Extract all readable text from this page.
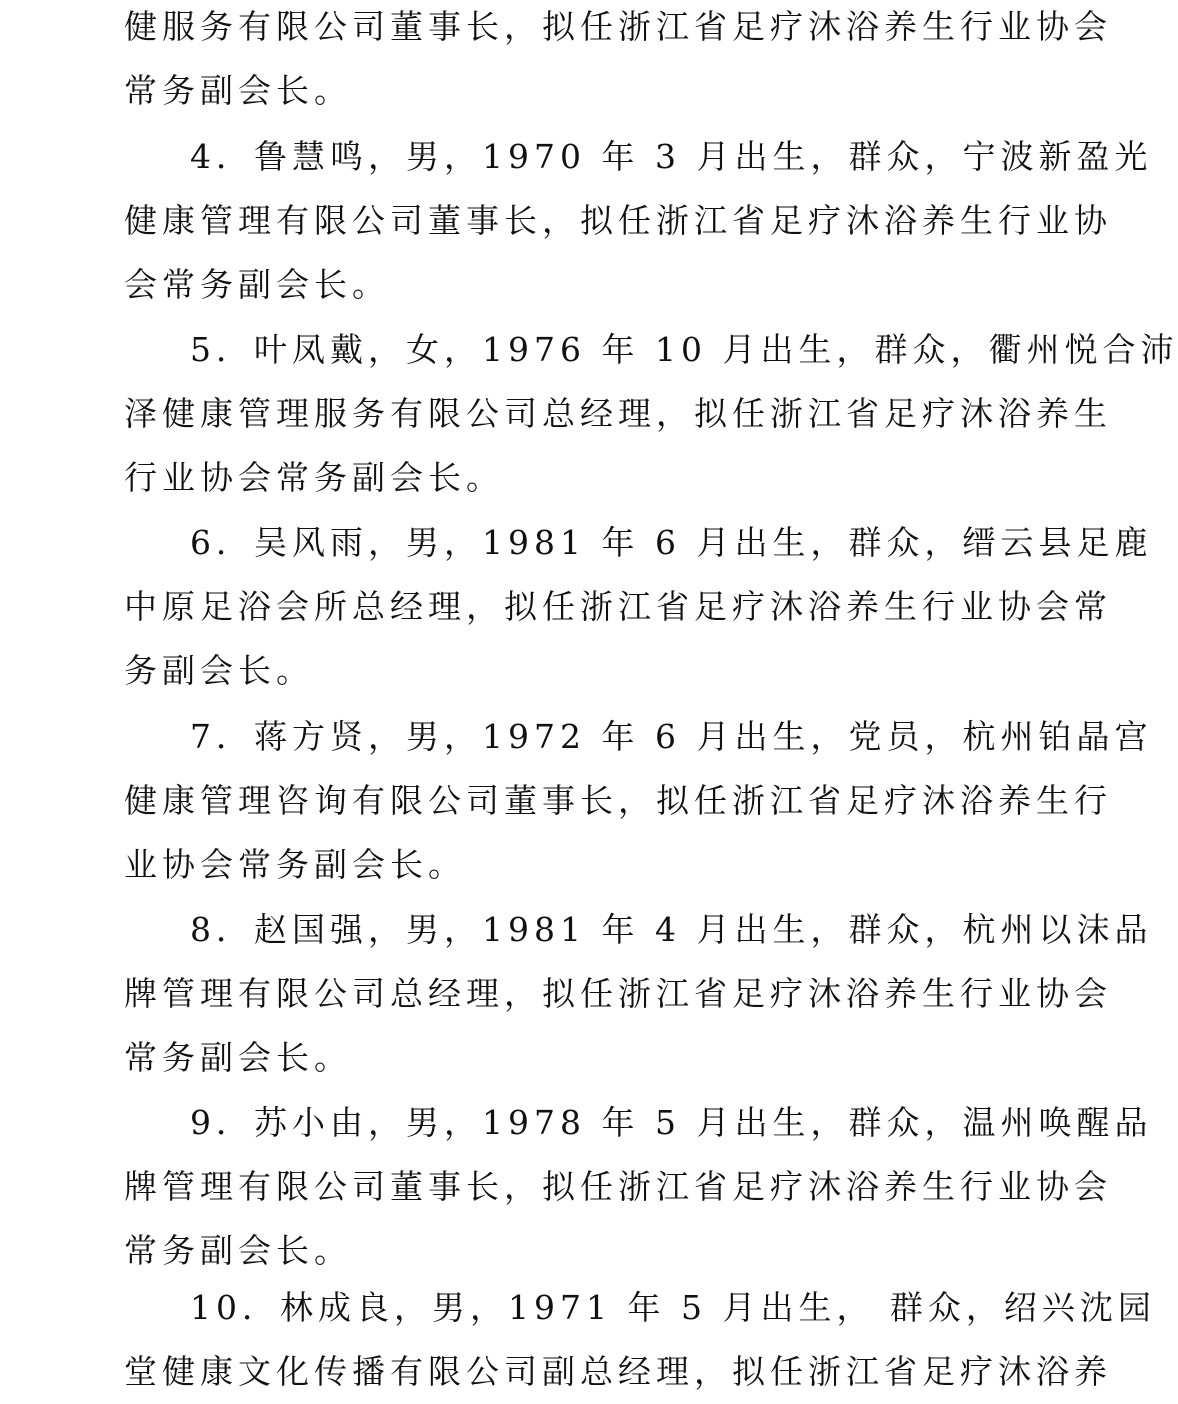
健服务有限公司董事长，拟任浙江省足疗沐浴养生行业协会
常务副会长。
4．鲁慧鸣，男，1970 年 3 月出生，群众，宁波新盈光
健康管理有限公司董事长，拟任浙江省足疗沐浴养生行业协
会常务副会长。
5．叶凤戴，女，1976 年 10 月出生，群众，衢州悦合沛
泽健康管理服务有限公司总经理，拟任浙江省足疗沐浴养生
行业协会常务副会长。
6．吴风雨，男，1981 年 6 月出生，群众，缙云县足鹿
中原足浴会所总经理，拟任浙江省足疗沐浴养生行业协会常
务副会长。
7．蒋方贤，男，1972 年 6 月出生，党员，杭州铂晶宫
健康管理咨询有限公司董事长，拟任浙江省足疗沐浴养生行
业协会常务副会长。
8．赵国强，男，1981 年 4 月出生，群众，杭州以沫品
牌管理有限公司总经理，拟任浙江省足疗沐浴养生行业协会
常务副会长。
9．苏小由，男，1978 年 5 月出生，群众，温州唤醒品
牌管理有限公司董事长，拟任浙江省足疗沐浴养生行业协会
常务副会长。
10．林成良，男，1971 年 5 月出生， 群众，绍兴沈园
堂健康文化传播有限公司副总经理，拟任浙江省足疗沐浴养
